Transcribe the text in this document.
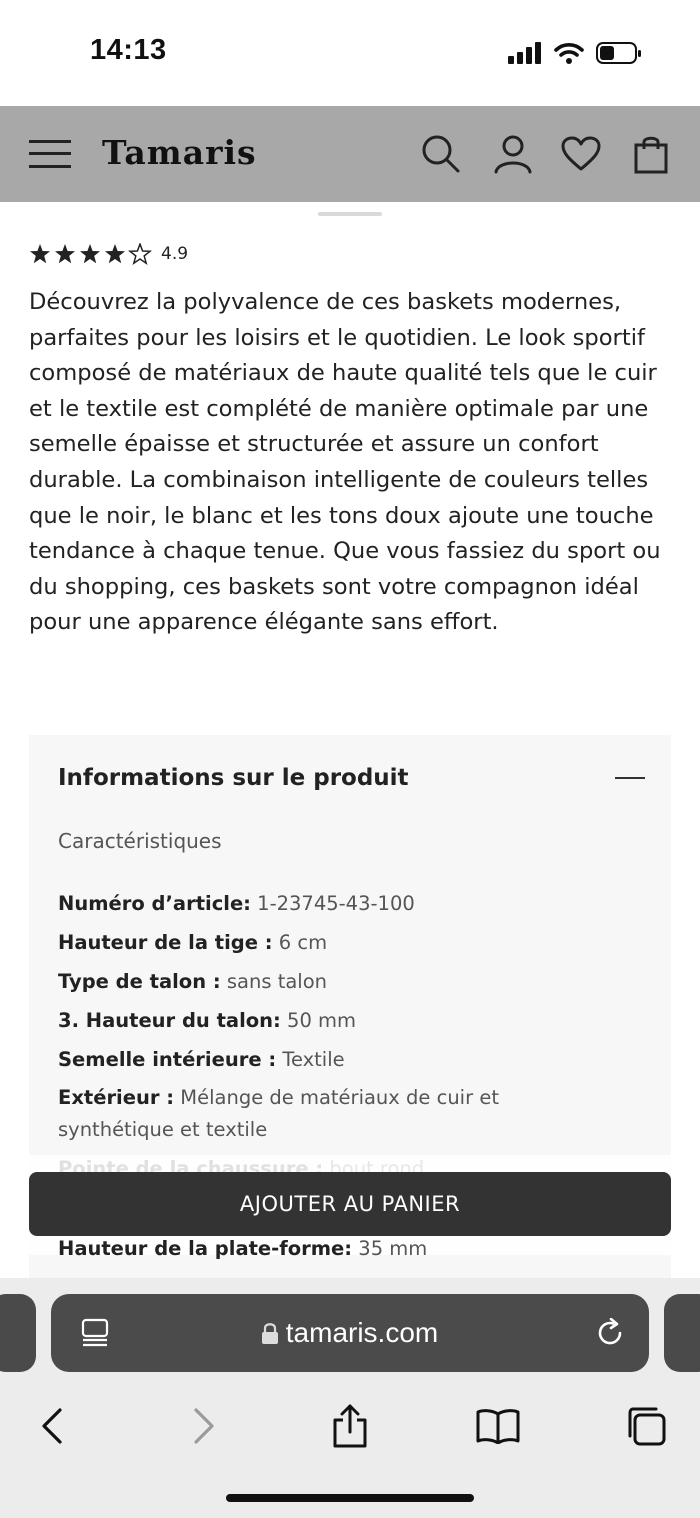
14:13
Tamaris
4.9

Découvrez la polyvalence de ces baskets modernes, parfaites pour les loisirs et le quotidien. Le look sportif composé de matériaux de haute qualité tels que le cuir et le textile est complété de manière optimale par une semelle épaisse et structurée et assure un confort durable. La combinaison intelligente de couleurs telles que le noir, le blanc et les tons doux ajoute une touche tendance à chaque tenue. Que vous fassiez du sport ou du shopping, ces baskets sont votre compagnon idéal pour une apparence élégante sans effort.

Informations sur le produit
Caractéristiques
Numéro d’article: 1-23745-43-100
Hauteur de la tige : 6 cm
Type de talon : sans talon
3. Hauteur du talon: 50 mm
Semelle intérieure : Textile
Extérieur : Mélange de matériaux de cuir et synthétique et textile
AJOUTER AU PANIER
Hauteur de la plate-forme: 35 mm
tamaris.com
